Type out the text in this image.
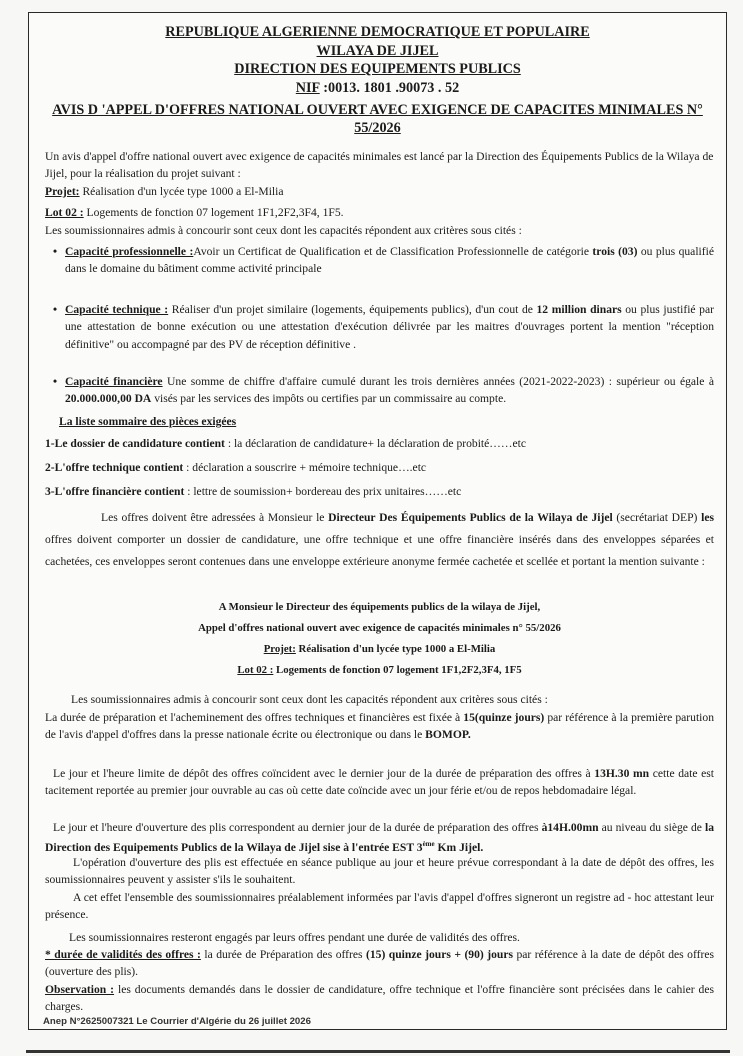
REPUBLIQUE ALGERIENNE DEMOCRATIQUE ET POPULAIRE
WILAYA DE JIJEL
DIRECTION DES EQUIPEMENTS PUBLICS
NIF :0013. 1801 .90073 . 52
AVIS D 'APPEL D'OFFRES NATIONAL OUVERT AVEC EXIGENCE DE CAPACITES MINIMALES N° 55/2026
Un avis d'appel d'offre national ouvert avec exigence de capacités minimales est lancé par la Direction des Équipements Publics de la Wilaya de Jijel, pour la réalisation du projet suivant :
Projet: Réalisation d'un lycée type 1000 a El-Milia
Lot 02 : Logements de fonction 07 logement 1F1,2F2,3F4, 1F5.
Les soumissionnaires admis à concourir sont ceux dont les capacités répondent aux critères sous cités :
• Capacité professionnelle :Avoir un Certificat de Qualification et de Classification Professionnelle de catégorie trois (03) ou plus qualifié dans le domaine du bâtiment comme activité principale
• Capacité technique : Réaliser d'un projet similaire (logements, équipements publics), d'un cout de 12 million dinars ou plus justifié par une attestation de bonne exécution ou une attestation d'exécution délivrée par les maitres d'ouvrages portent la mention "réception définitive" ou accompagné par des PV de réception définitive .
• Capacité financière Une somme de chiffre d'affaire cumulé durant les trois dernières années (2021-2022-2023) : supérieur ou égale à 20.000.000,00 DA visés par les services des impôts ou certifies par un commissaire au compte.
La liste sommaire des pièces exigées
1-Le dossier de candidature contient : la déclaration de candidature+ la déclaration de probité……etc
2-L'offre technique contient : déclaration a souscrire + mémoire technique….etc
3-L'offre financière contient : lettre de soumission+ bordereau des prix unitaires……etc
Les offres doivent être adressées à Monsieur le Directeur Des Équipements Publics de la Wilaya de Jijel (secrétariat DEP) les offres doivent comporter un dossier de candidature, une offre technique et une offre financière insérés dans des enveloppes séparées et cachetées, ces enveloppes seront contenues dans une enveloppe extérieure anonyme fermée cachetée et scellée et portant la mention suivante :
A Monsieur le Directeur des équipements publics de la wilaya de Jijel,
Appel d'offres national ouvert avec exigence de capacités minimales n° 55/2026
Projet: Réalisation d'un lycée type 1000 a El-Milia
Lot 02 : Logements de fonction 07 logement 1F1,2F2,3F4, 1F5
Les soumissionnaires admis à concourir sont ceux dont les capacités répondent aux critères sous cités :
La durée de préparation et l'acheminement des offres techniques et financières est fixée à 15(quinze jours) par référence à la première parution de l'avis d'appel d'offres dans la presse nationale écrite ou électronique ou dans le BOMOP.
Le jour et l'heure limite de dépôt des offres coïncident avec le dernier jour de la durée de préparation des offres à 13H.30 mn cette date est tacitement reportée au premier jour ouvrable au cas où cette date coïncide avec un jour férie et/ou de repos hebdomadaire légal.
Le jour et l'heure d'ouverture des plis correspondent au dernier jour de la durée de préparation des offres à14H.00mn au niveau du siège de la Direction des Equipements Publics de la Wilaya de Jijel sise à l'entrée EST 3ème Km Jijel.
L'opération d'ouverture des plis est effectuée en séance publique au jour et heure prévue correspondant à la date de dépôt des offres, les soumissionnaires peuvent y assister s'ils le souhaitent.
A cet effet l'ensemble des soumissionnaires préalablement informées par l'avis d'appel d'offres signeront un registre ad - hoc attestant leur présence.
Les soumissionnaires resteront engagés par leurs offres pendant une durée de validités des offres.
* durée de validités des offres : la durée de Préparation des offres (15) quinze jours + (90) jours par référence à la date de dépôt des offres (ouverture des plis).
Observation : les documents demandés dans le dossier de candidature, offre technique et l'offre financière sont précisées dans le cahier des charges.
Anep N°2625007321 Le Courrier d'Algérie du 26 juillet 2026
